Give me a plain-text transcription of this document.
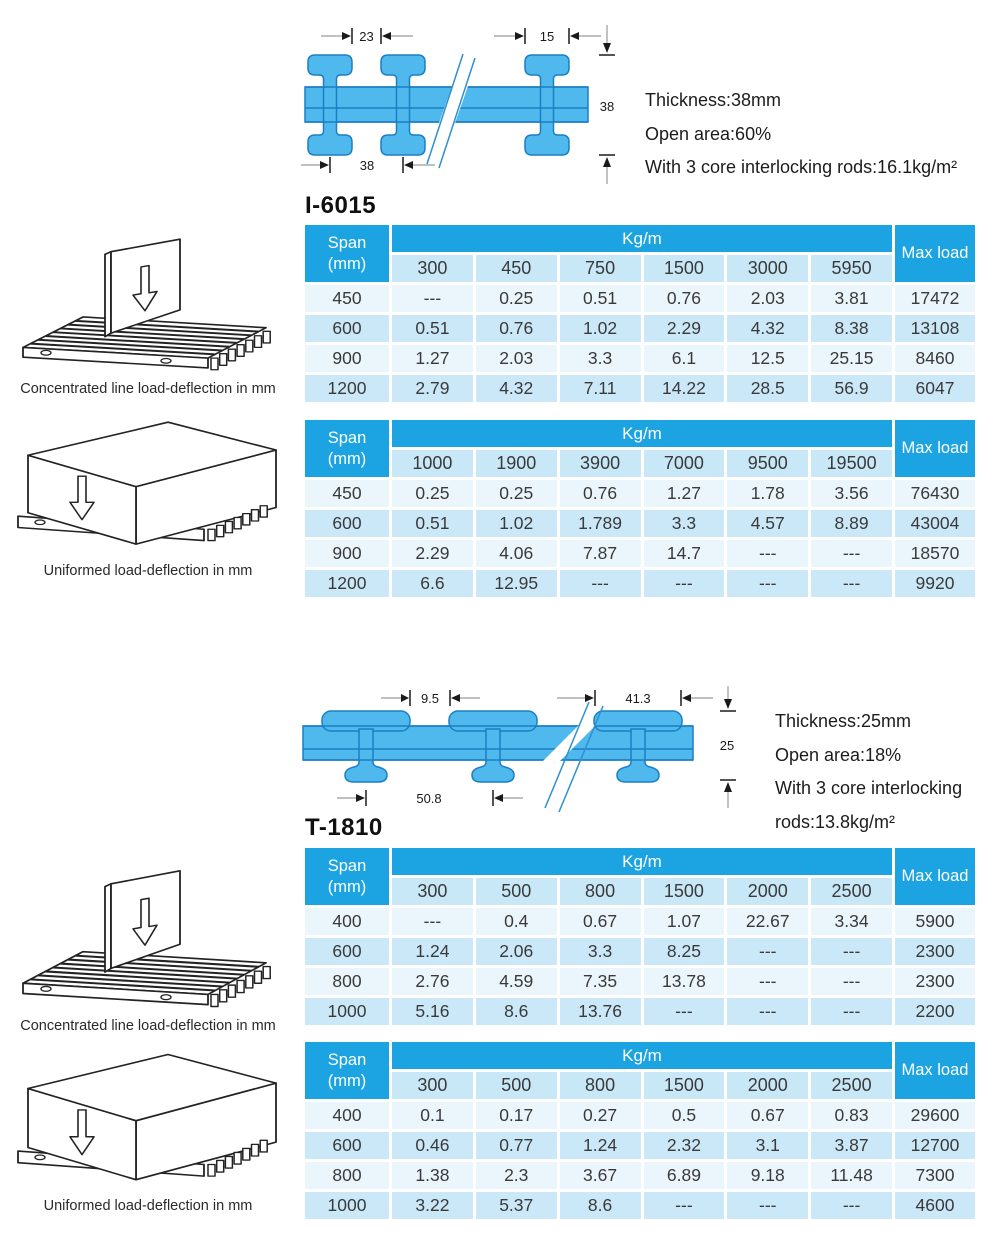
23	15
38
38
Thickness:38mm
Open area:60%
With 3 core interlocking rods:16.1kg/m²
I-6015
Concentrated line load-deflection in mm
Span
(mm)
Kg/m
Max load
300	450	750	1500	3000	5950
450	---	0.25	0.51	0.76	2.03	3.81	17472
600	0.51	0.76	1.02	2.29	4.32	8.38	13108
900	1.27	2.03	3.3	6.1	12.5	25.15	8460
1200	2.79	4.32	7.11	14.22	28.5	56.9	6047
Uniformed load-deflection in mm
Span
(mm)
Kg/m
Max load
1000	1900	3900	7000	9500	19500
450	0.25	0.25	0.76	1.27	1.78	3.56	76430
600	0.51	1.02	1.789	3.3	4.57	8.89	43004
900	2.29	4.06	7.87	14.7	---	---	18570
1200	6.6	12.95	---	---	---	---	9920
9.5	41.3
25
50.8
Thickness:25mm
Open area:18%
With 3 core interlocking
rods:13.8kg/m²
T-1810
Concentrated line load-deflection in mm
Span
(mm)
Kg/m
Max load
300	500	800	1500	2000	2500
400	---	0.4	0.67	1.07	22.67	3.34	5900
600	1.24	2.06	3.3	8.25	---	---	2300
800	2.76	4.59	7.35	13.78	---	---	2300
1000	5.16	8.6	13.76	---	---	---	2200
Uniformed load-deflection in mm
Span
(mm)
Kg/m
Max load
300	500	800	1500	2000	2500
400	0.1	0.17	0.27	0.5	0.67	0.83	29600
600	0.46	0.77	1.24	2.32	3.1	3.87	12700
800	1.38	2.3	3.67	6.89	9.18	11.48	7300
1000	3.22	5.37	8.6	---	---	---	4600
